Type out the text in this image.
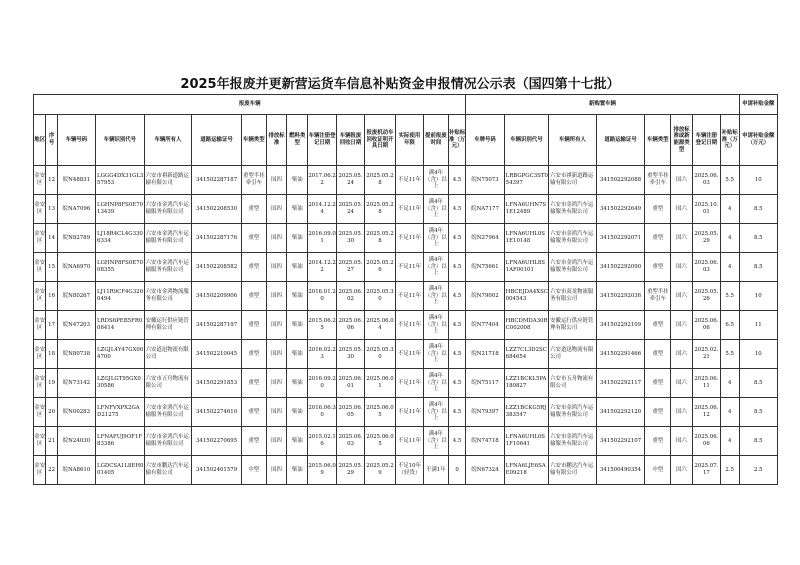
2025年报废并更新营运货车信息补贴资金申报情况公示表（国四第十七批）
报废车辆															新购置车辆								申请补贴金额
地区	序号	车辆号码	车辆识别代号	车辆所有人	道路运输证号	车辆类型	排放标准	燃料类型	车辆注册登记日期	车辆报废回收日期	报废机动车回收证明开具日期	实际使用年限	提前报废时间	补贴标准（万元）	车牌号码	车辆识别代号	车辆所有人	道路运输证号	车辆类型	排放标准或新能源类型	车辆注册登记日期	补贴标准（万元）	申请补贴金额（万元）
金安区	12	皖N48831	LGGG4DX31GL357953	六安市祺新道路运输有限公司	341502287187	重型半挂牵引车	国四	柴油	2017.06.22	2025.05.24	2025.05.28	不足11年	满4年（含）以上	4.5	皖N75073	LRBGPGC3ST054397	六安市祺新道路运输有限公司	341502292088	重型半挂牵引车	国六	2025.06.03	5.5	10
金安区	13	皖NA7096	LGHNP8FS0E7013439	六安市金鸿汽车运输服务有限公司	341502208530	重型	国四	柴油	2014.12.24	2025.05.24	2025.05.28	不足11年	满4年（含）以上	4.5	皖NA7177	LFNA6UHN7S1E12489	六安市金鸿汽车运输服务有限公司	341502292649	重型	国六	2025.10.01	4	8.5
金安区	14	皖N82789	LJ18R4CL4G3306334	六安市金鸿汽车运输服务有限公司	341502287176	重型	国四	柴油	2016.09.01	2025.05.30	2025.05.28	不足11年	满4年（含）以上	4.5	皖N27964	LFNA6UHL0S1E10148	六安市金鸿汽车运输服务有限公司	341502292071	重型	国六	2025.05.29	4	8.5
金安区	15	皖NA6970	LGHNP8FS0E7008355	六安市金鸿汽车运输服务有限公司	341502208582	重型	国四	柴油	2014.12.22	2025.05.27	2025.05.26	不足11年	满4年（含）以上	4.5	皖N75661	LFNA6UHL8S1AF00101	六安市金鸿汽车运输服务有限公司	341502292090	重型	国六	2025.06.03	4	8.5
金安区	16	皖N80267	LJ11R9CF4G3200494	六安市金鸿物流服务有限公司	341502209906	重型	国四	柴油	2016.01.20	2025.06.02	2025.05.30	不足11年	满4年（含）以上	4.5	皖N79002	HBCEJDA4XSC004543	六安市双龙物流服务有限公司	341502292036	重型半挂牵引车	国六	2025.05.26	5.5	10
金安区	17	皖N47203	LRDS6PEB5FR006414	安徽运行供应链管理有限公司	341502287197	重型	国四	柴油	2015.06.25	2025.06.06	2025.06.04	不足11年	满4年（含）以上	4.5	皖N77404	HBCDMDA30RC002008	安徽运行供应链管理有限公司	341502292109	重型	国六	2025.06.06	6.5	11
金安区	18	皖N80738	LZGJL4Y47GX004700	六安道迅物流有限公司	341502210045	重型	国四	柴油	2016.02.23	2025.05.30	2025.05.30	不足11年	满4年（含）以上	4.5	皖N21718	LZZ7CL3D2SC684654	六安道迅物流有限公司	341502291466	重型	国六	2025.02.21	5.5	10
金安区	19	皖N73142	LZGJLGT95GX030586	六安市五舟物流有限公司	341502291853	重型	国四	柴油	2016.09.20	2025.06.01	2025.06.01	不足11年	满4年（含）以上	4.5	皖N75117	LZZ1BCKL5PA180827	六安市五舟物流有限公司	341502292117	重型	国六	2025.06.11	4	8.5
金安区	20	皖N00283	LFNFVXPX2GAD21275	六安市金鸿汽车运输服务有限公司	341502274610	重型	国四	柴油	2016.06.30	2025.06.05	2025.06.05	不足11年	满4年（含）以上	4.5	皖N79397	LZZ1BCKG5RJ383547	六安市金鸿汽车运输服务有限公司	341502292120	重型	国六	2025.06.12	4	8.5
金安区	21	皖N24030	LFNAFUJ9OF1F83386	六安市金鸿汽车运输服务有限公司	341502270695	重型	国四	柴油	2015.02.16	2025.06.03	2025.06.05	不足11年	满4年（含）以上	4.5	皖N74718	LFNA6UHL0S1F10641	六安市金鸿汽车运输服务有限公司	341502292107	重型	国六	2025.06.06	4	8.5
金安区	22	皖NA8610	LGDCSA1L8EH001405	六安市鹏达汽车运输有限公司	341502401579	中型	国四	柴油	2015.06.09	2025.05.29	2025.05.29	不足10年（轻货）	不满1年	0	皖N67324	LFNA6LJE6SAE09218	六安市鹏达汽车运输有限公司	341500490354	中型	国六	2025.07.17	2.5	2.5
